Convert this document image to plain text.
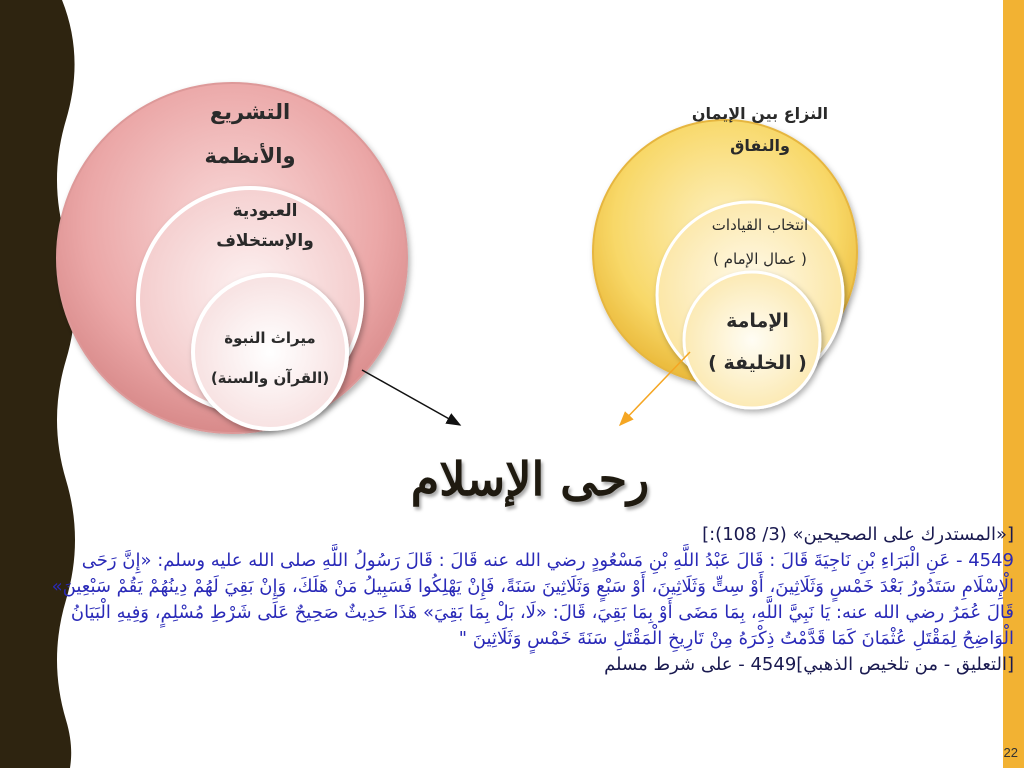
التشريع
والأنظمة
العبودية
والإستخلاف
ميراث النبوة
(القرآن والسنة)
النزاع بين الإيمان
والنفاق
انتخاب القيادات
( عمال الإمام )
الإمامة
( الخليفة )
رحى الإسلام
[«المستدرك على الصحيحين» (3/ 108):]
4549 - عَنِ الْبَرَاءِ بْنِ نَاجِيَةَ قَالَ : قَالَ عَبْدُ اللَّهِ بْنِ مَسْعُودٍ رضي الله عنه قَالَ : قَالَ رَسُولُ اللَّهِ صلى الله عليه وسلم: «إِنَّ رَحَى الْإِسْلَامِ سَتَدُورُ بَعْدَ خَمْسٍ وَثَلَاثِينَ، أَوْ سِتٍّ وَثَلَاثِينَ، أَوْ سَبْعٍ وَثَلَاثِينَ سَنَةً، فَإِنْ يَهْلِكُوا فَسَبِيلُ مَنْ هَلَكَ، وَإِنْ بَقِيَ لَهُمْ دِينُهُمْ يَقُمْ سَبْعِينَ» قَالَ عُمَرُ رضي الله عنه: يَا نَبِيَّ اللَّهِ، بِمَا مَضَى أَوْ بِمَا بَقِيَ، قَالَ: «لَا، بَلْ بِمَا بَقِيَ» هَذَا حَدِيثٌ صَحِيحٌ عَلَى شَرْطِ مُسْلِمٍ، وَفِيهِ الْبَيَانُ الْوَاضِحُ لِمَقْتَلِ عُثْمَانَ كَمَا قَدَّمْتُ ذِكْرَهُ مِنْ تَارِيخِ الْمَقْتَلِ سَنَةَ خَمْسٍ وَثَلَاثِينَ "
[التعليق - من تلخيص الذهبي]4549 - على شرط مسلم
22
